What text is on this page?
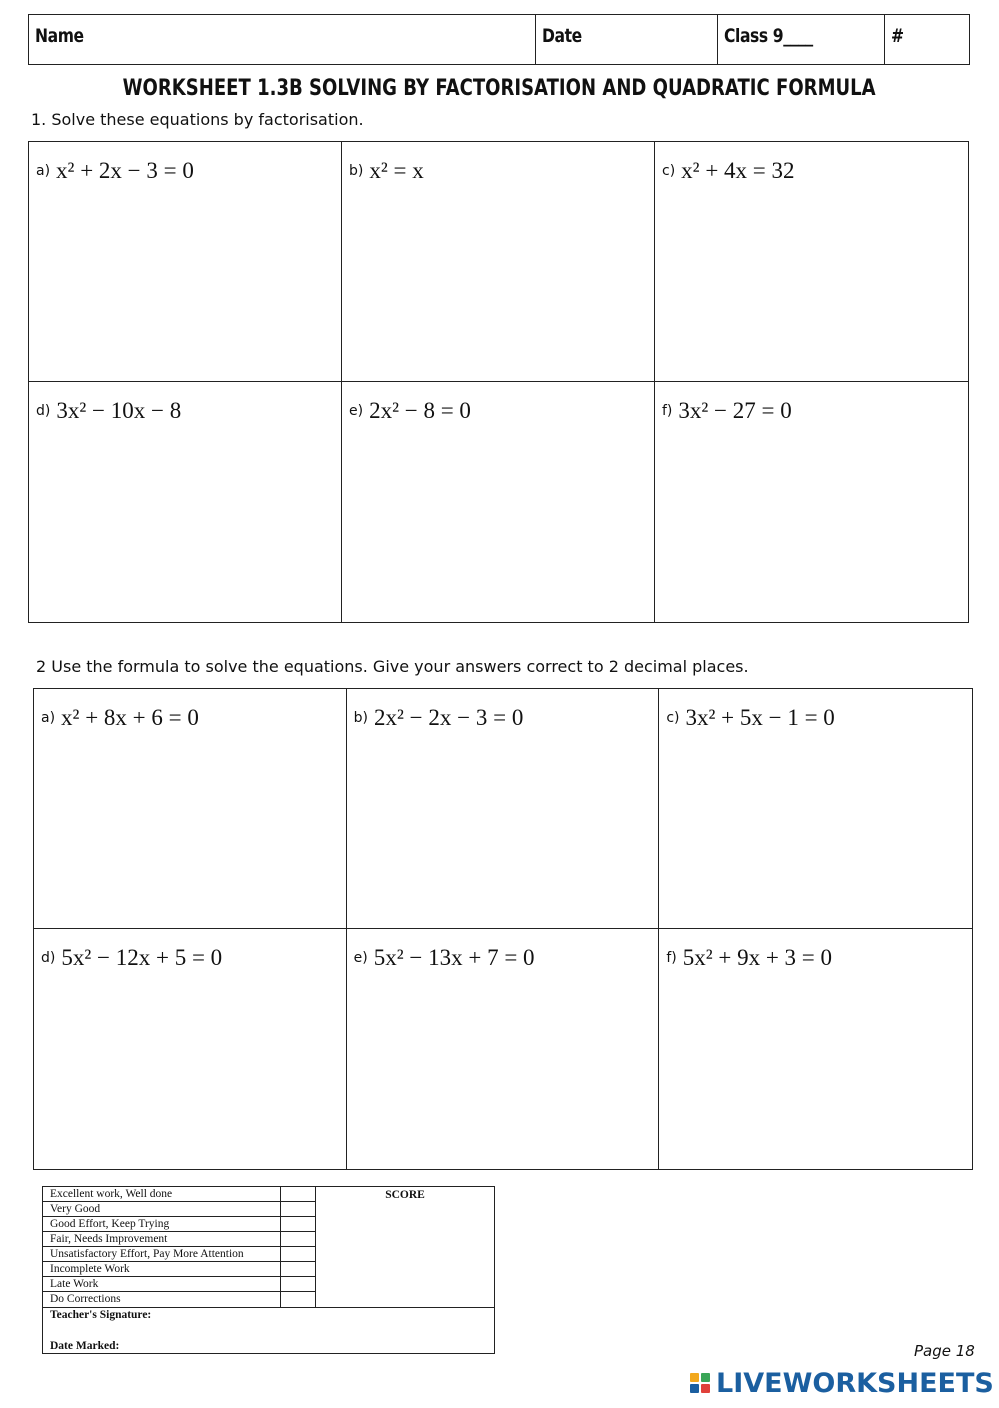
Name	Date	Class 9____	#
WORKSHEET 1.3B SOLVING BY FACTORISATION AND QUADRATIC FORMULA
1. Solve these equations by factorisation.
a) x² + 2x − 3 = 0	b) x² = x	c) x² + 4x = 32
d) 3x² − 10x − 8	e) 2x² − 8 = 0	f) 3x² − 27 = 0
2 Use the formula to solve the equations. Give your answers correct to 2 decimal places.
a) x² + 8x + 6 = 0	b) 2x² − 2x − 3 = 0	c) 3x² + 5x − 1 = 0
d) 5x² − 12x + 5 = 0	e) 5x² − 13x + 7 = 0	f) 5x² + 9x + 3 = 0
Excellent work, Well done
Very Good
Good Effort, Keep Trying
Fair, Needs Improvement
Unsatisfactory Effort, Pay More Attention
Incomplete Work
Late Work
Do Corrections
SCORE
Teacher's Signature:
Date Marked:	Page 18
LIVEWORKSHEETS
